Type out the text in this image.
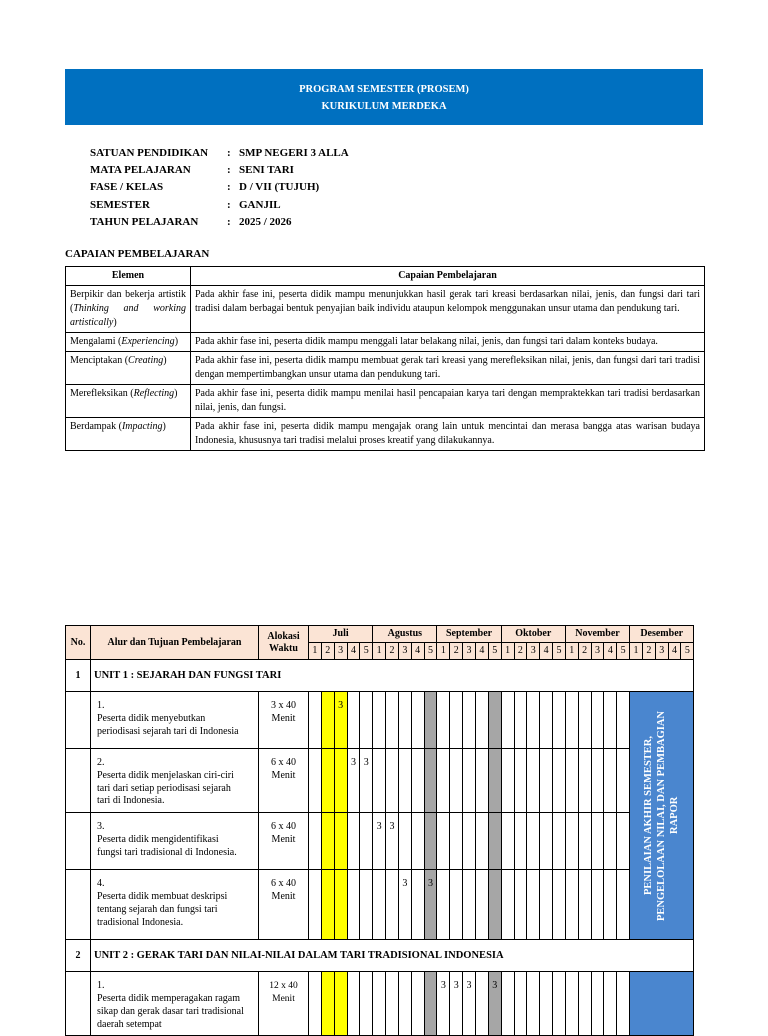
PROGRAM SEMESTER (PROSEM)
KURIKULUM MERDEKA
SATUAN PENDIDIKAN : SMP NEGERI 3 ALLA
MATA PELAJARAN	: SENI TARI
FASE / KELAS	: D / VII (TUJUH)
SEMESTER	: GANJIL
TAHUN PELAJARAN	: 2025 / 2026
CAPAIAN PEMBELAJARAN
Elemen	Capaian Pembelajaran
Berpikir dan bekerja artistik (Thinking and working artistically)	Pada akhir fase ini, peserta didik mampu menunjukkan hasil gerak tari kreasi berdasarkan nilai, jenis, dan fungsi dari tari tradisi dalam berbagai bentuk penyajian baik individu ataupun kelompok menggunakan unsur utama dan pendukung tari.
Mengalami (Experiencing)	Pada akhir fase ini, peserta didik mampu menggali latar belakang nilai, jenis, dan fungsi tari dalam konteks budaya.
Menciptakan (Creating)	Pada akhir fase ini, peserta didik mampu membuat gerak tari kreasi yang merefleksikan nilai, jenis, dan fungsi dari tari tradisi dengan mempertimbangkan unsur utama dan pendukung tari.
Merefleksikan (Reflecting)	Pada akhir fase ini, peserta didik mampu menilai hasil pencapaian karya tari dengan mempraktekkan tari tradisi berdasarkan nilai, jenis, dan fungsi.
Berdampak (Impacting)	Pada akhir fase ini, peserta didik mampu mengajak orang lain untuk mencintai dan merasa bangga atas warisan budaya Indonesia, khususnya tari tradisi melalui proses kreatif yang dilakukannya.
No.	Alur dan Tujuan Pembelajaran	Alokasi Waktu	Juli					Agustus					September					Oktober					November					Desember				
			1	2	3	4	5	1	2	3	4	5	1	2	3	4	5	1	2	3	4	5	1	2	3	4	5	1	2	3	4	5
1	UNIT 1 : SEJARAH DAN FUNGSI TARI																															
	1.Peserta didik menyebutkan periodisasi sejarah tari di Indonesia	3 x 40 Menit			3																							PENILAIAN AKHIR SEMESTER, PENGELOLAAN NILAI, DAN PEMBAGIAN RAPOR				

	2.Peserta didik menjelaskan ciri-ciri tari dari setiap periodisasi sejarah tari di Indonesia.	6 x 40 Menit				3	3																									
	3.Peserta didik mengidentifikasi fungsi tari tradisional di Indonesia.	6 x 40 Menit						3	3																							
	4.Peserta didik membuat deskripsi tentang sejarah dan fungsi tari tradisional Indonesia.	6 x 40 Menit								3		3																				
2	UNIT 2 : GERAK TARI DAN NILAI-NILAI DALAM TARI TRADISIONAL INDONESIA																															
	1.Peserta didik memperagakan ragam sikap dan gerak dasar tari tradisional daerah setempat	12 x 40 Menit											3	3	3		3															
